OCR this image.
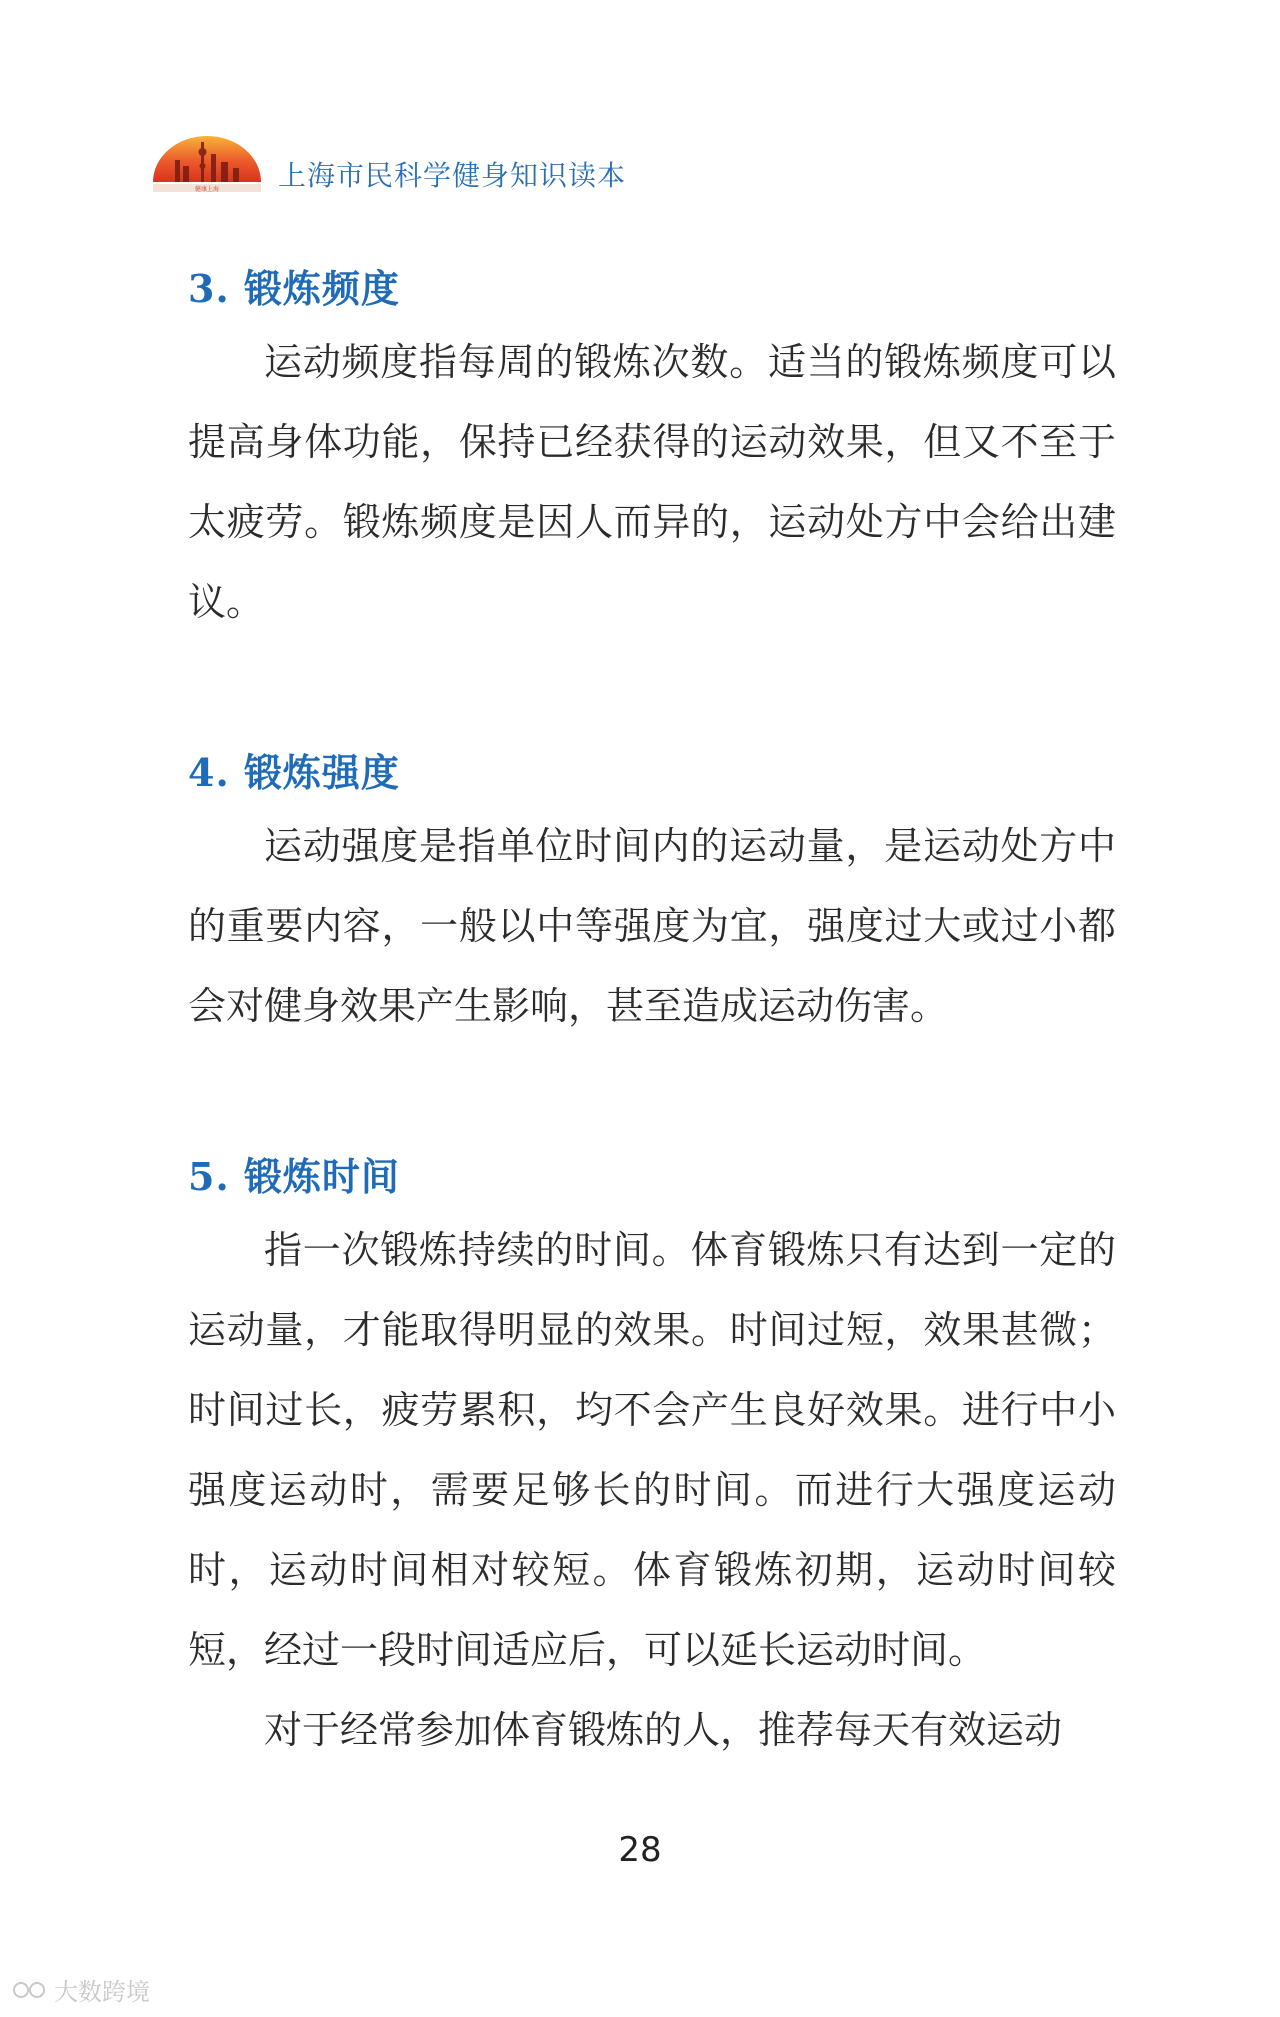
健康上海 上海市民科学健身知识读本
3. 锻炼频度

运动频度指每周的锻炼次数。适当的锻炼频度可以提高身体功能，保持已经获得的运动效果，但又不至于太疲劳。锻炼频度是因人而异的，运动处方中会给出建议。

4. 锻炼强度

运动强度是指单位时间内的运动量，是运动处方中的重要内容，一般以中等强度为宜，强度过大或过小都会对健身效果产生影响，甚至造成运动伤害。

5. 锻炼时间

指一次锻炼持续的时间。体育锻炼只有达到一定的运动量，才能取得明显的效果。时间过短，效果甚微；时间过长，疲劳累积，均不会产生良好效果。进行中小强度运动时，需要足够长的时间。而进行大强度运动时，运动时间相对较短。体育锻炼初期，运动时间较短，经过一段时间适应后，可以延长运动时间。

对于经常参加体育锻炼的人，推荐每天有效运动

28
大数跨境
